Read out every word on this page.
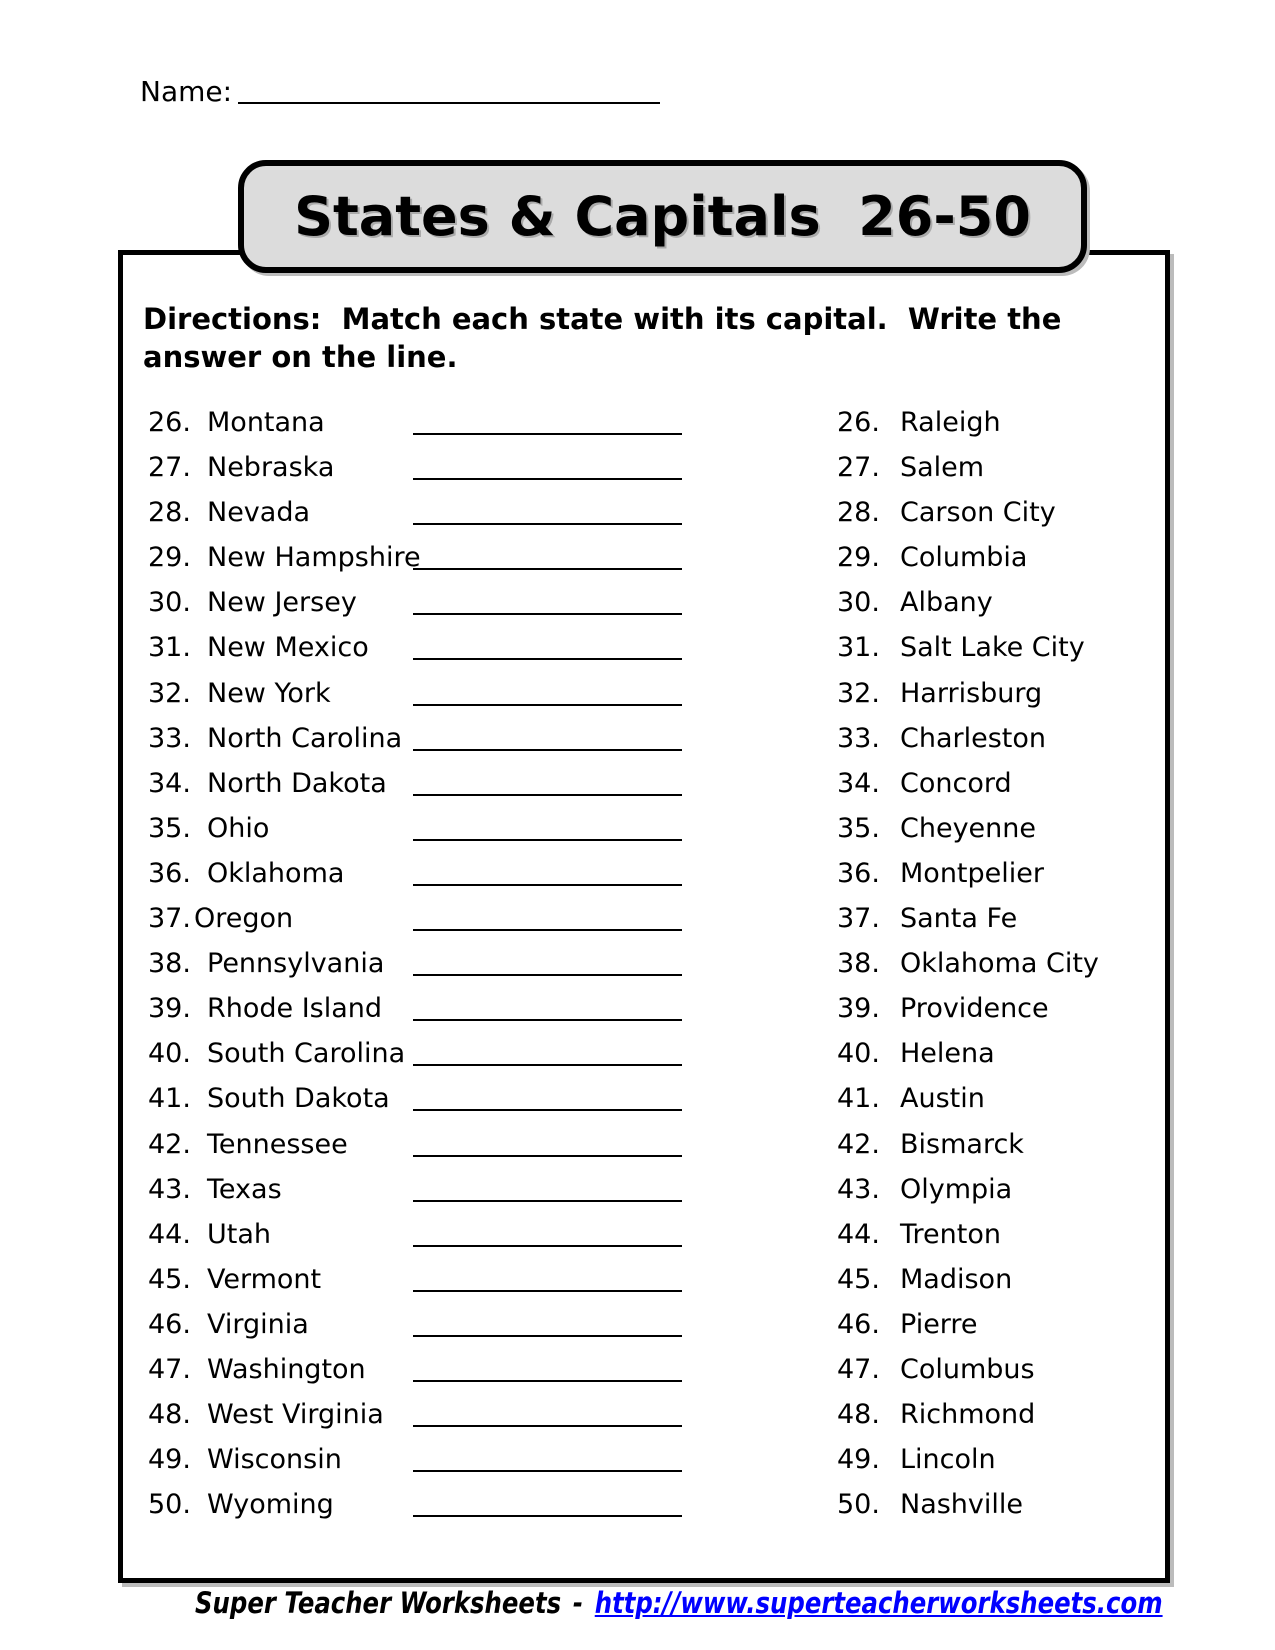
Name:
States & Capitals  26-50
Directions:  Match each state with its capital.  Write the answer on the line.
26. Montana
27. Nebraska
28. Nevada
29. New Hampshire
30. New Jersey
31. New Mexico
32. New York
33. North Carolina
34. North Dakota
35. Ohio
36. Oklahoma
37. Oregon
38. Pennsylvania
39. Rhode Island
40. South Carolina
41. South Dakota
42. Tennessee
43. Texas
44. Utah
45. Vermont
46. Virginia
47. Washington
48. West Virginia
49. Wisconsin
50. Wyoming
26. Raleigh
27. Salem
28. Carson City
29. Columbia
30. Albany
31. Salt Lake City
32. Harrisburg
33. Charleston
34. Concord
35. Cheyenne
36. Montpelier
37. Santa Fe
38. Oklahoma City
39. Providence
40. Helena
41. Austin
42. Bismarck
43. Olympia
44. Trenton
45. Madison
46. Pierre
47. Columbus
48. Richmond
49. Lincoln
50. Nashville
Super Teacher Worksheets - http://www.superteacherworksheets.com
